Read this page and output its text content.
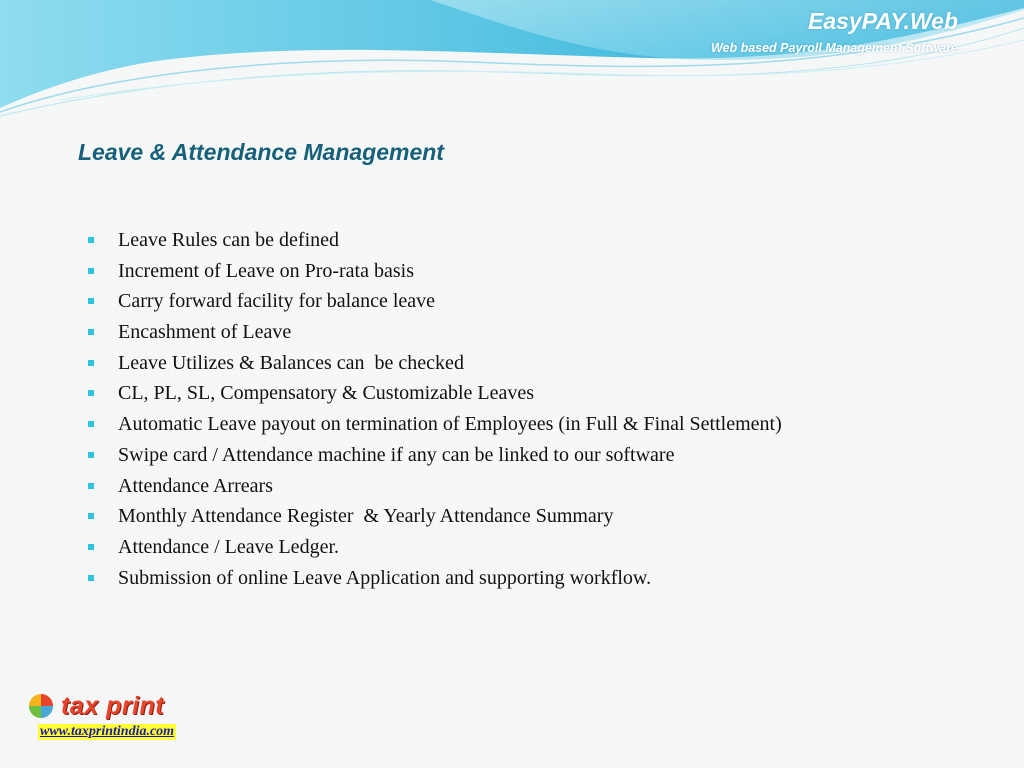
EasyPAY.Web
Web based Payroll Management Software
Leave & Attendance Management
Leave Rules can be defined
Increment of Leave on Pro-rata basis
Carry forward facility for balance leave
Encashment of Leave
Leave Utilizes & Balances can  be checked
CL, PL, SL, Compensatory & Customizable Leaves
Automatic Leave payout on termination of Employees (in Full & Final Settlement)
Swipe card / Attendance machine if any can be linked to our software
Attendance Arrears
Monthly Attendance Register  & Yearly Attendance Summary
Attendance / Leave Ledger.
Submission of online Leave Application and supporting workflow.
tax print
www.taxprintindia.com
